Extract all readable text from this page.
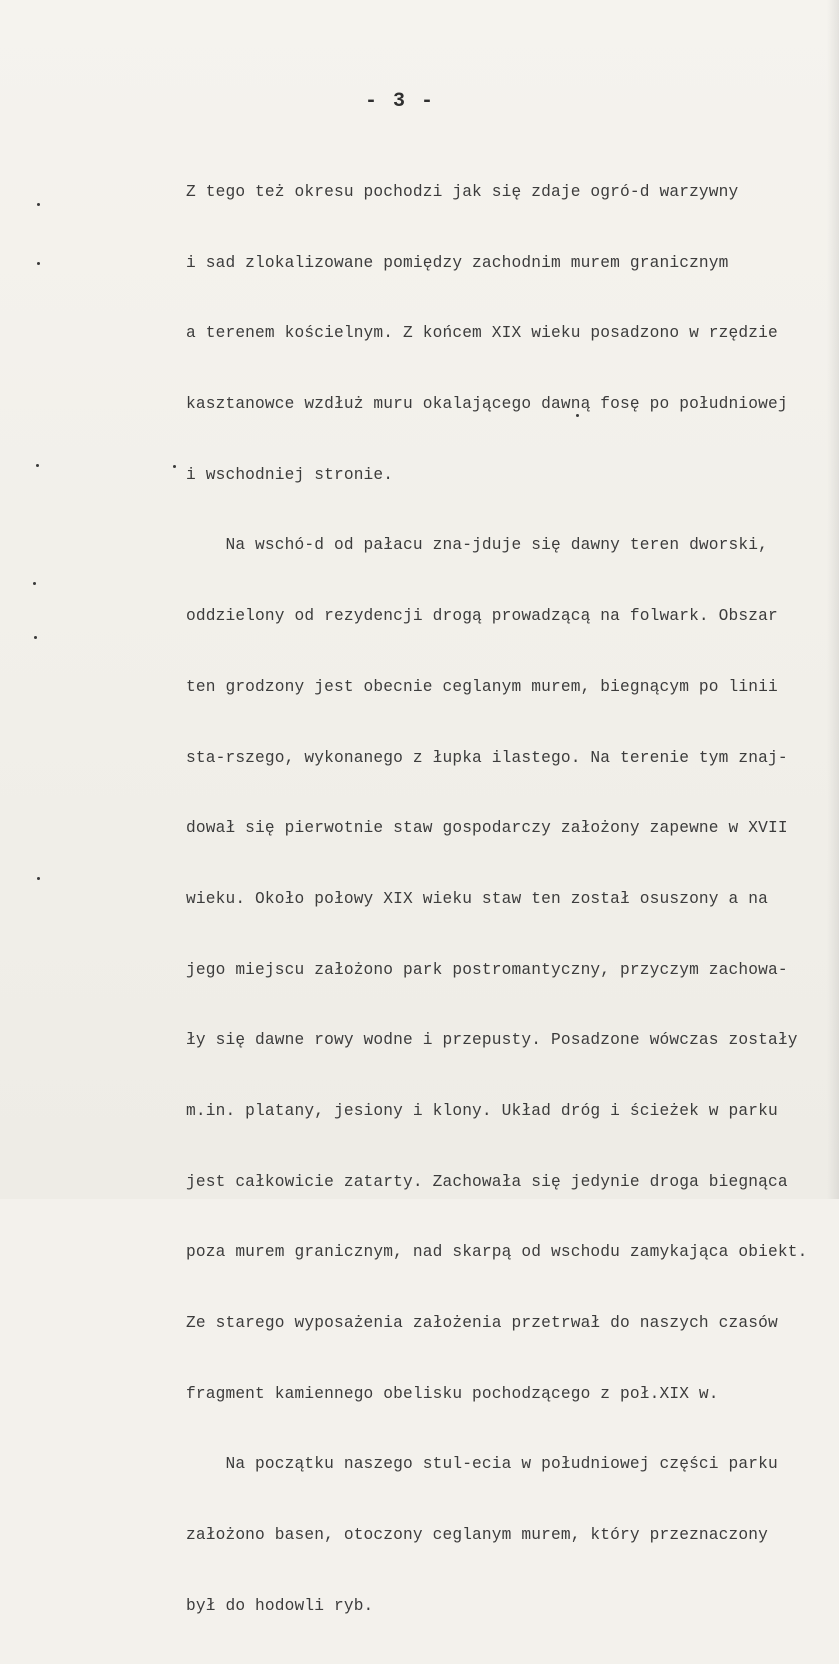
- 3 -

Z tego też okresu pochodzi jak się zdaje ogró-d warzywny

i sad zlokalizowane pomiędzy zachodnim murem granicznym

a terenem kościelnym. Z końcem XIX wieku posadzono w rzędzie

kasztanowce wzdłuż muru okalającego dawną fosę po południowej

i wschodniej stronie.

Na wschó-d od pałacu zna-jduje się dawny teren dworski,

oddzielony od rezydencji drogą prowadzącą na folwark. Obszar

ten grodzony jest obecnie ceglanym murem, biegnącym po linii

sta-rszego, wykonanego z łupka ilastego. Na terenie tym znaj-

dował się pierwotnie staw gospodarczy założony zapewne w XVII

wieku. Około połowy XIX wieku staw ten został osuszony a na

jego miejscu założono park postromantyczny, przyczym zachowa-

ły się dawne rowy wodne i przepusty. Posadzone wówczas zostały

m.in. platany, jesiony i klony. Układ dróg i ścieżek w parku

jest całkowicie zatarty. Zachowała się jedynie droga biegnąca

poza murem granicznym, nad skarpą od wschodu zamykająca obiekt.

Ze starego wyposażenia założenia przetrwał do naszych czasów

fragment kamiennego obelisku pochodzącego z poł.XIX w.

Na początku naszego stul-ecia w południowej części parku

założono basen, otoczony ceglanym murem, który przeznaczony

był do hodowli ryb.
